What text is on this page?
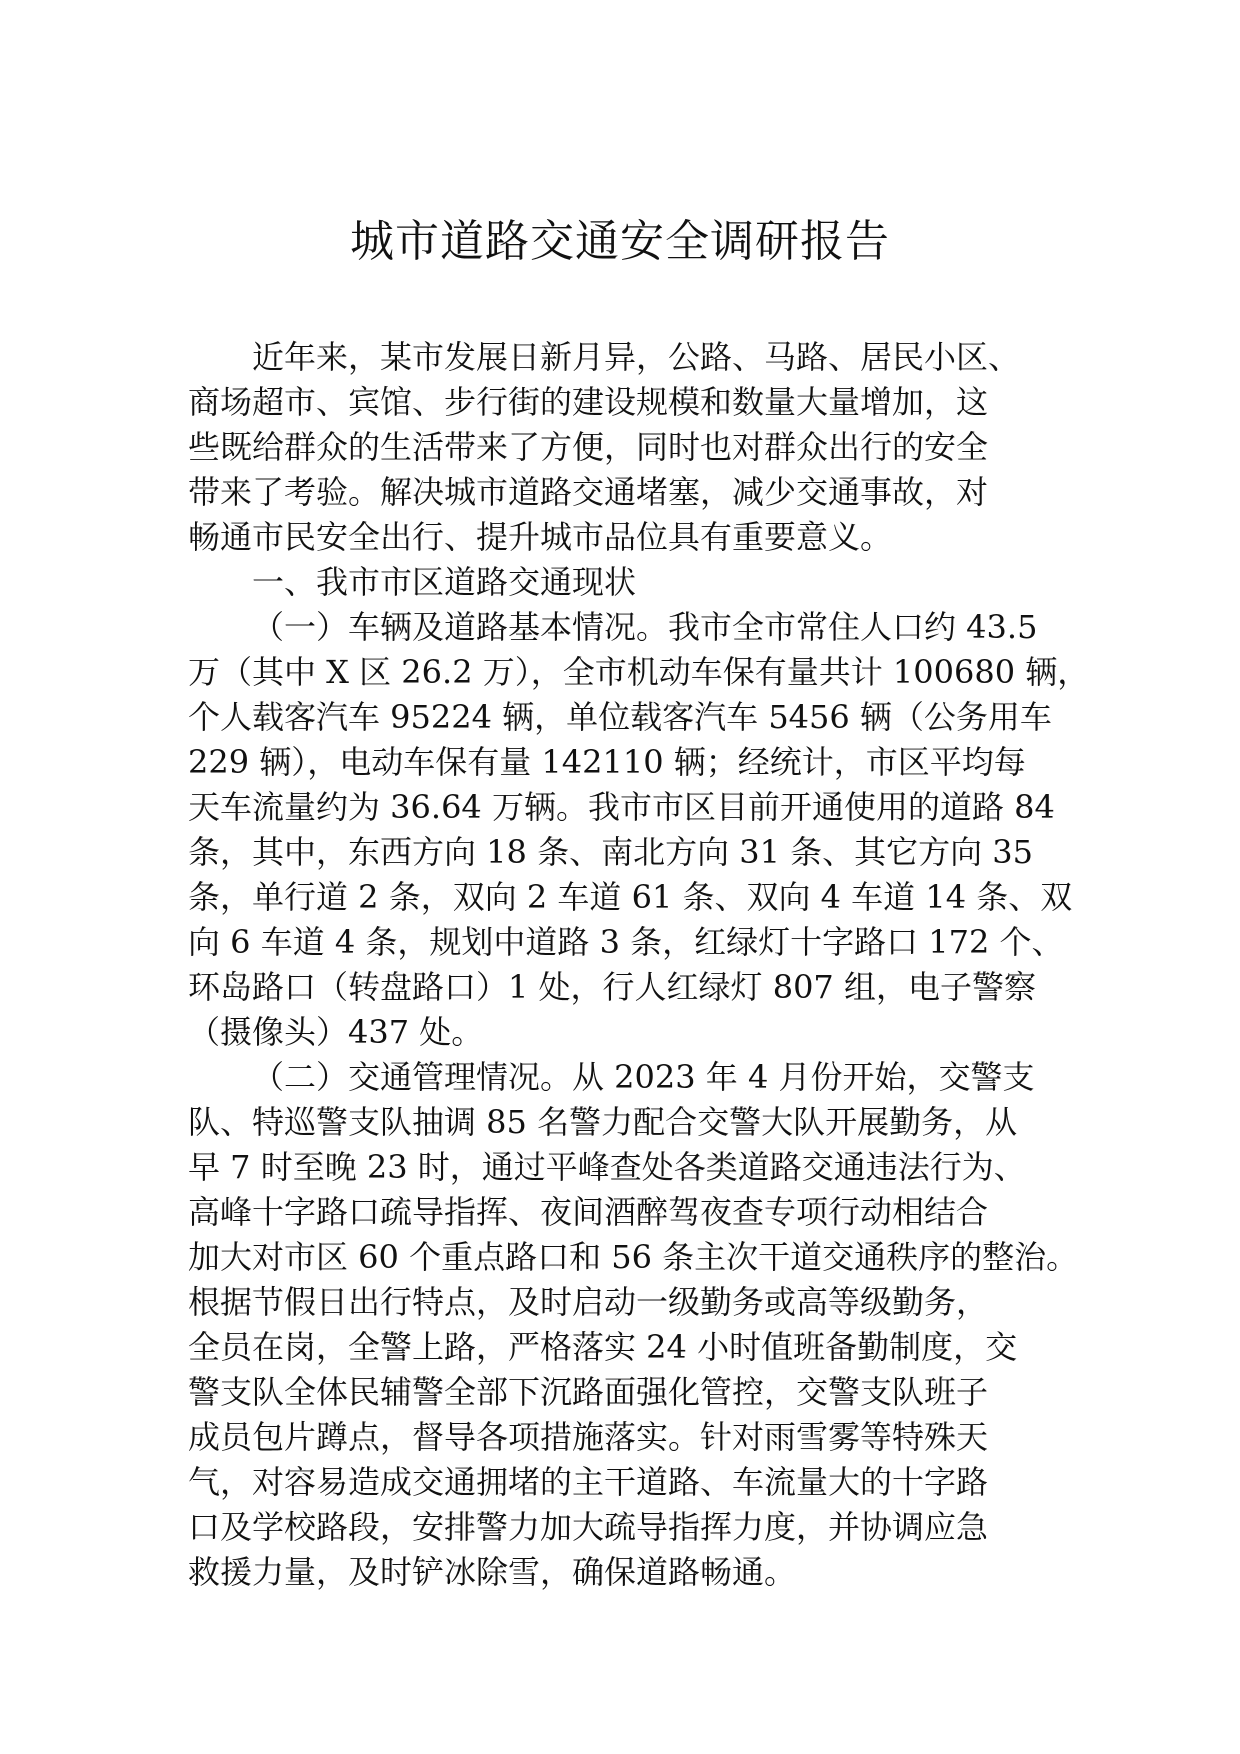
城市道路交通安全调研报告
近年来，某市发展日新月异，公路、马路、居民小区、
商场超市、宾馆、步行街的建设规模和数量大量增加，这
些既给群众的生活带来了方便，同时也对群众出行的安全
带来了考验。解决城市道路交通堵塞，减少交通事故，对
畅通市民安全出行、提升城市品位具有重要意义。
一、我市市区道路交通现状
（一）车辆及道路基本情况。我市全市常住人口约 43.5
万（其中 X 区 26.2 万），全市机动车保有量共计 100680 辆，
个人载客汽车 95224 辆，单位载客汽车 5456 辆（公务用车
229 辆），电动车保有量 142110 辆；经统计，市区平均每
天车流量约为 36.64 万辆。我市市区目前开通使用的道路 84
条，其中，东西方向 18 条、南北方向 31 条、其它方向 35
条，单行道 2 条，双向 2 车道 61 条、双向 4 车道 14 条、双
向 6 车道 4 条，规划中道路 3 条，红绿灯十字路口 172 个、
环岛路口（转盘路口）1 处，行人红绿灯 807 组，电子警察
（摄像头）437 处。
（二）交通管理情况。从 2023 年 4 月份开始，交警支
队、特巡警支队抽调 85 名警力配合交警大队开展勤务，从
早 7 时至晚 23 时，通过平峰查处各类道路交通违法行为、
高峰十字路口疏导指挥、夜间酒醉驾夜查专项行动相结合
加大对市区 60 个重点路口和 56 条主次干道交通秩序的整治。
根据节假日出行特点，及时启动一级勤务或高等级勤务，
全员在岗，全警上路，严格落实 24 小时值班备勤制度，交
警支队全体民辅警全部下沉路面强化管控，交警支队班子
成员包片蹲点，督导各项措施落实。针对雨雪雾等特殊天
气，对容易造成交通拥堵的主干道路、车流量大的十字路
口及学校路段，安排警力加大疏导指挥力度，并协调应急
救援力量，及时铲冰除雪，确保道路畅通。
